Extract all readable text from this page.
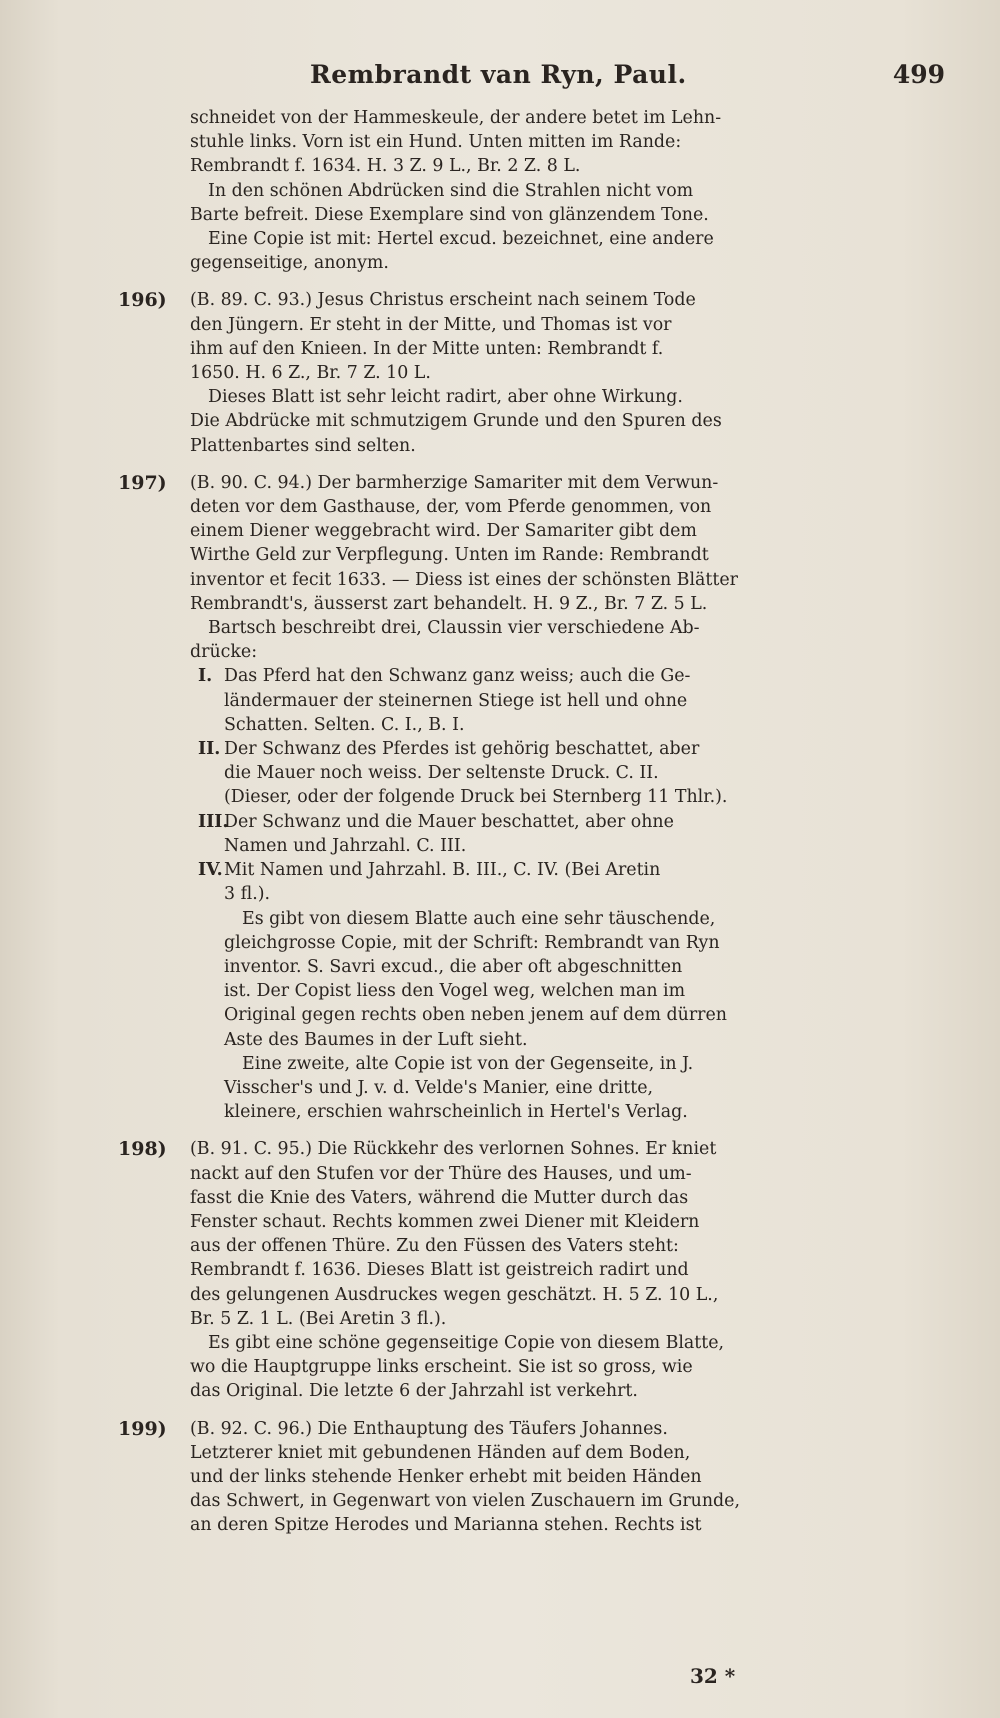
Rembrandt van Ryn, Paul.	499
schneidet von der Hammeskeule, der andere betet im Lehn-
stuhle links. Vorn ist ein Hund. Unten mitten im Rande:
Rembrandt f. 1634. H. 3 Z. 9 L., Br. 2 Z. 8 L.
In den schönen Abdrücken sind die Strahlen nicht vom
Barte befreit. Diese Exemplare sind von glänzendem Tone.
Eine Copie ist mit: Hertel excud. bezeichnet, eine andere
gegenseitige, anonym.
196) (B. 89. C. 93.) Jesus Christus erscheint nach seinem Tode
den Jüngern. Er steht in der Mitte, und Thomas ist vor
ihm auf den Knieen. In der Mitte unten: Rembrandt f.
1650. H. 6 Z., Br. 7 Z. 10 L.
Dieses Blatt ist sehr leicht radirt, aber ohne Wirkung.
Die Abdrücke mit schmutzigem Grunde und den Spuren des
Plattenbartes sind selten.
197) (B. 90. C. 94.) Der barmherzige Samariter mit dem Verwun-
deten vor dem Gasthause, der, vom Pferde genommen, von
einem Diener weggebracht wird. Der Samariter gibt dem
Wirthe Geld zur Verpflegung. Unten im Rande: Rembrandt
inventor et fecit 1633. — Diess ist eines der schönsten Blätter
Rembrandt's, äusserst zart behandelt. H. 9 Z., Br. 7 Z. 5 L.
Bartsch beschreibt drei, Claussin vier verschiedene Ab-
drücke:
I. Das Pferd hat den Schwanz ganz weiss; auch die Ge-
ländermauer der steinernen Stiege ist hell und ohne
Schatten. Selten. C. I., B. I.
II. Der Schwanz des Pferdes ist gehörig beschattet, aber
die Mauer noch weiss. Der seltenste Druck. C. II.
(Dieser, oder der folgende Druck bei Sternberg 11 Thlr.).
III.
Der Schwanz und die Mauer beschattet, aber ohne
Namen und Jahrzahl. C. III.
IV. Mit Namen und Jahrzahl. B. III., C. IV. (Bei Aretin
3 fl.).
Es gibt von diesem Blatte auch eine sehr täuschende,
gleichgrosse Copie, mit der Schrift: Rembrandt van Ryn
inventor. S. Savri excud., die aber oft abgeschnitten
ist. Der Copist liess den Vogel weg, welchen man im
Original gegen rechts oben neben jenem auf dem dürren
Aste des Baumes in der Luft sieht.
Eine zweite, alte Copie ist von der Gegenseite, in J.
Visscher's und J. v. d. Velde's Manier, eine dritte,
kleinere, erschien wahrscheinlich in Hertel's Verlag.
198) (B. 91. C. 95.) Die Rückkehr des verlornen Sohnes. Er kniet
nackt auf den Stufen vor der Thüre des Hauses, und um-
fasst die Knie des Vaters, während die Mutter durch das
Fenster schaut. Rechts kommen zwei Diener mit Kleidern
aus der offenen Thüre. Zu den Füssen des Vaters steht:
Rembrandt f. 1636. Dieses Blatt ist geistreich radirt und
des gelungenen Ausdruckes wegen geschätzt. H. 5 Z. 10 L.,
Br. 5 Z. 1 L. (Bei Aretin 3 fl.).
Es gibt eine schöne gegenseitige Copie von diesem Blatte,
wo die Hauptgruppe links erscheint. Sie ist so gross, wie
das Original. Die letzte 6 der Jahrzahl ist verkehrt.
199) (B. 92. C. 96.) Die Enthauptung des Täufers Johannes.
Letzterer kniet mit gebundenen Händen auf dem Boden,
und der links stehende Henker erhebt mit beiden Händen
das Schwert, in Gegenwart von vielen Zuschauern im Grunde,
an deren Spitze Herodes und Marianna stehen. Rechts ist
32 *
